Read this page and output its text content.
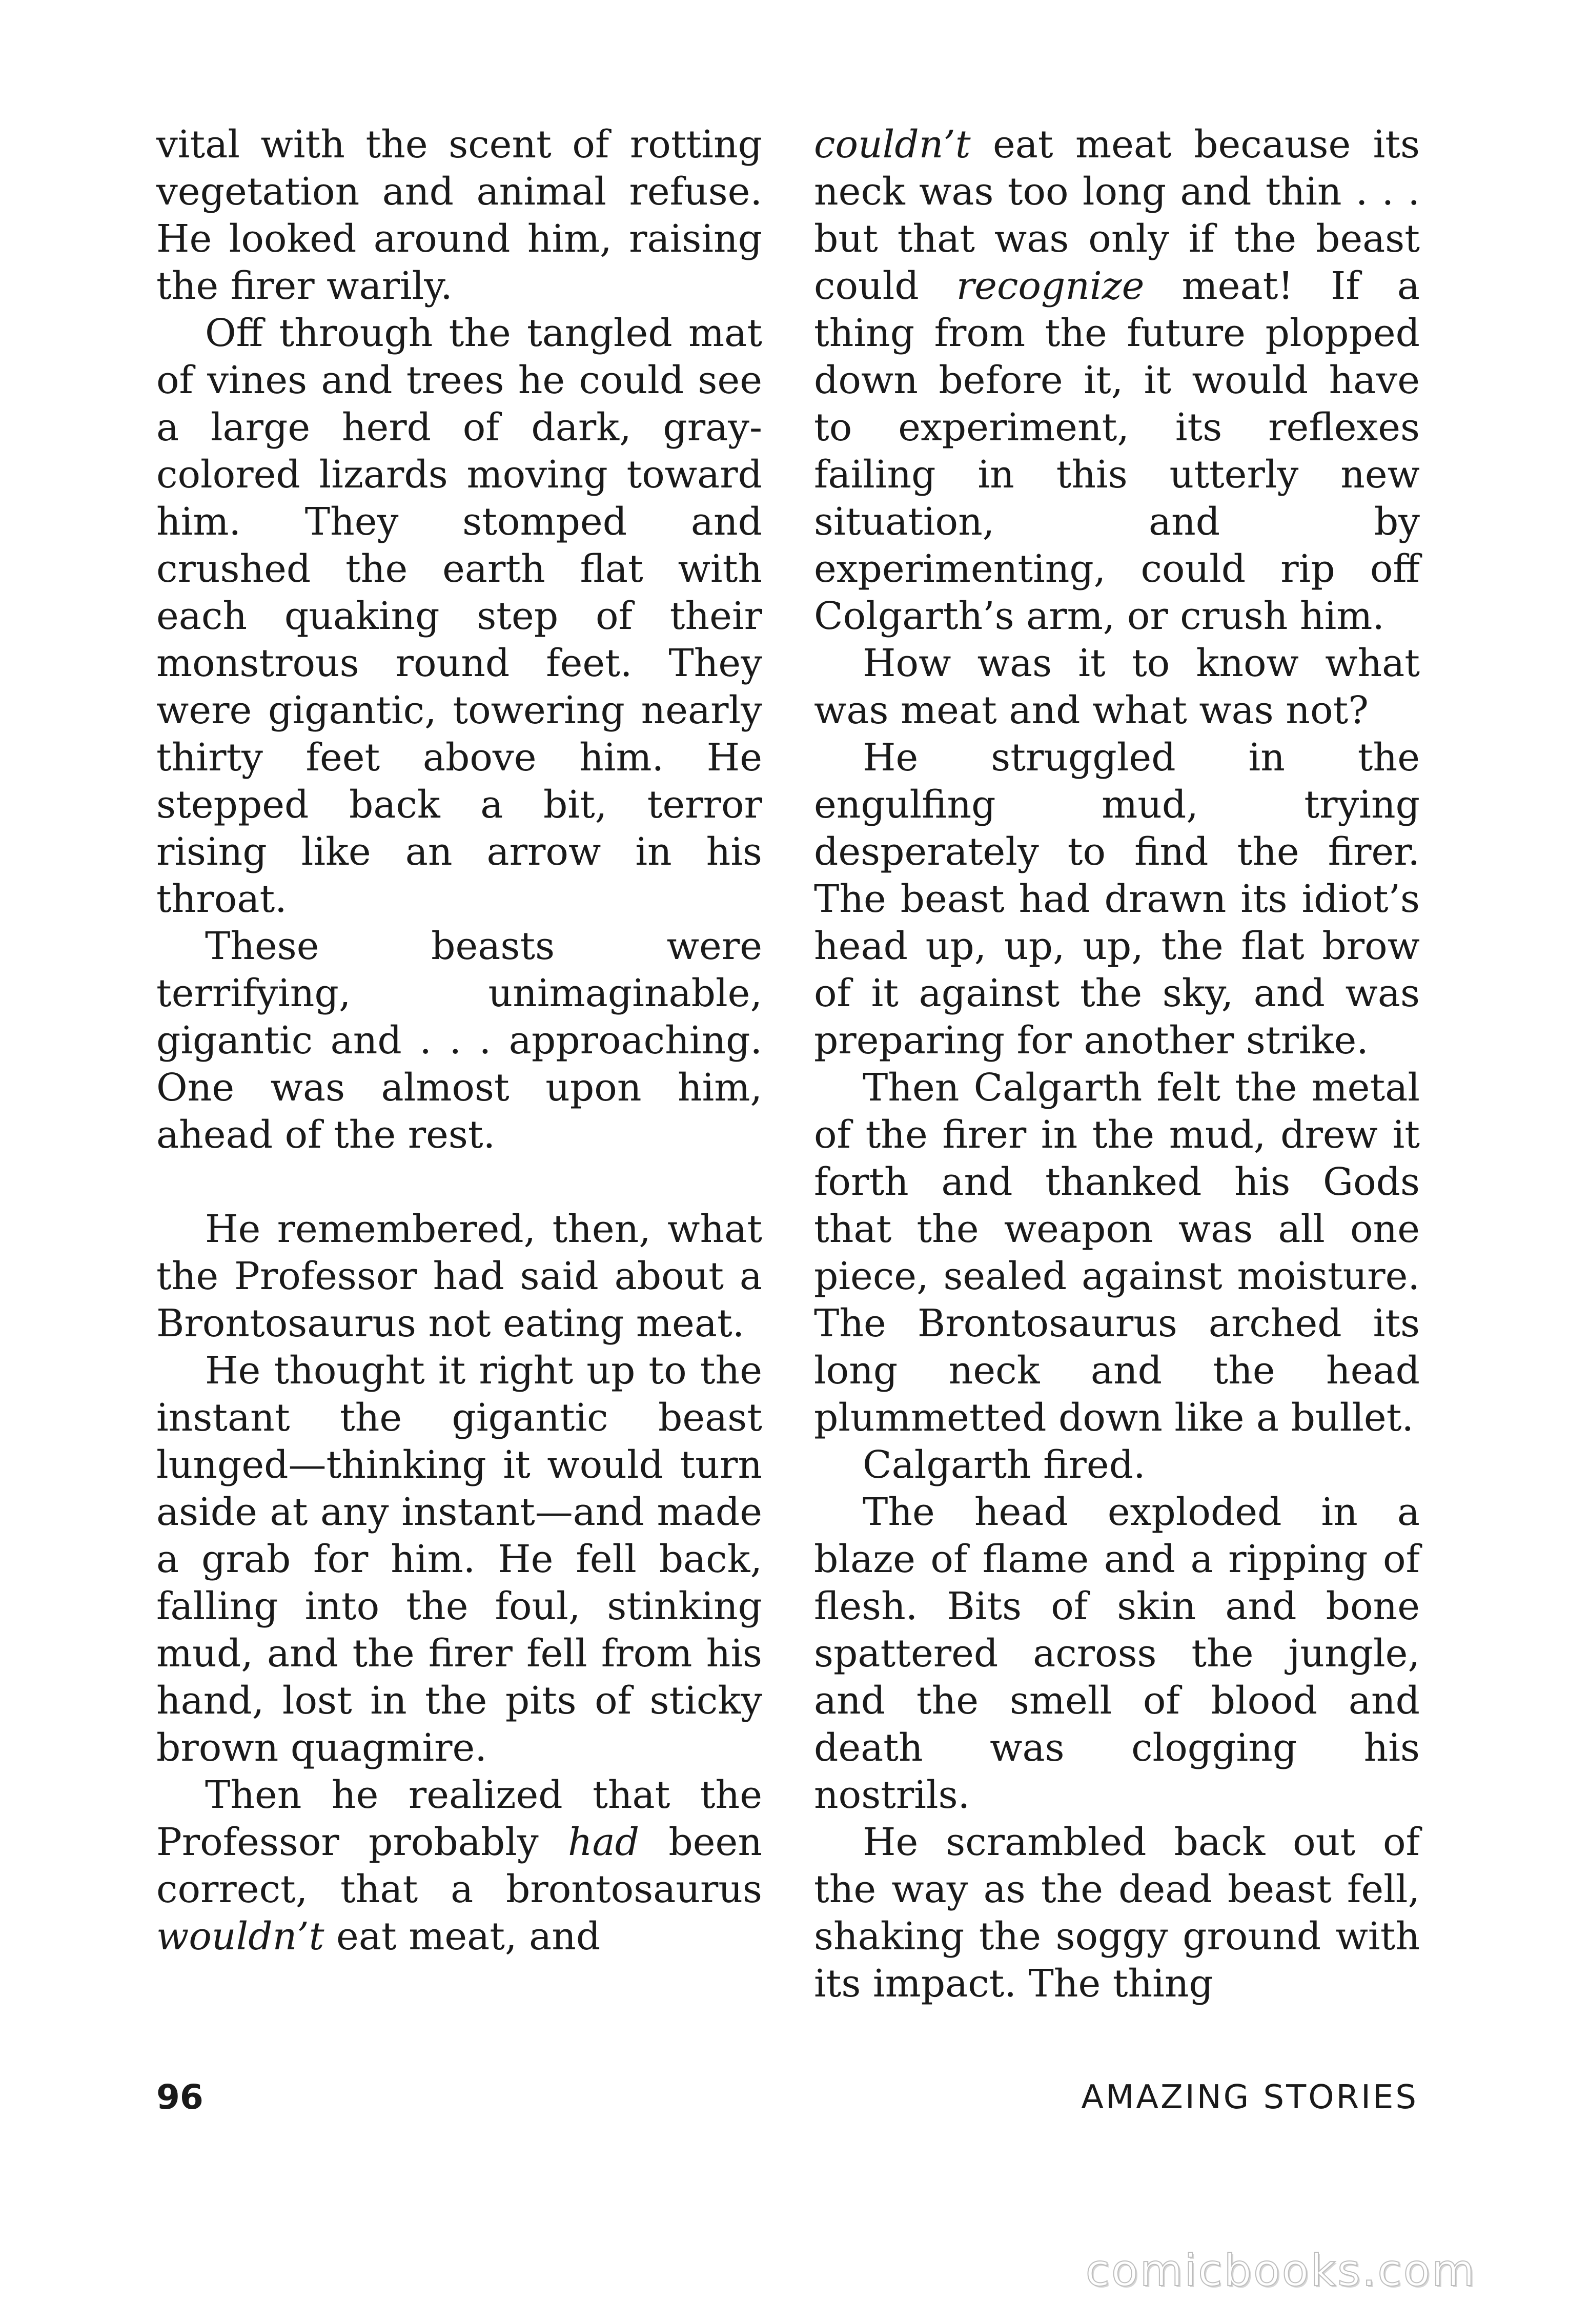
vital with the scent of rotting vegetation and animal refuse. He looked around him, raising the firer warily.

Off through the tangled mat of vines and trees he could see a large herd of dark, gray-colored lizards moving toward him. They stomped and crushed the earth flat with each quaking step of their monstrous round feet. They were gigantic, towering nearly thirty feet above him. He stepped back a bit, terror rising like an arrow in his throat.

These beasts were terrifying, unimaginable, gigantic and . . . approaching. One was almost upon him, ahead of the rest.

He remembered, then, what the Professor had said about a Brontosaurus not eating meat.

He thought it right up to the instant the gigantic beast lunged—thinking it would turn aside at any instant—and made a grab for him. He fell back, falling into the foul, stinking mud, and the firer fell from his hand, lost in the pits of sticky brown quagmire.

Then he realized that the Professor probably had been correct, that a brontosaurus wouldn’t eat meat, and

couldn’t eat meat because its neck was too long and thin . . . but that was only if the beast could recognize meat! If a thing from the future plopped down before it, it would have to experiment, its reflexes failing in this utterly new situation, and by experimenting, could rip off Colgarth’s arm, or crush him.

How was it to know what was meat and what was not?

He struggled in the engulfing mud, trying desperately to find the firer. The beast had drawn its idiot’s head up, up, up, the flat brow of it against the sky, and was preparing for another strike.

Then Calgarth felt the metal of the firer in the mud, drew it forth and thanked his Gods that the weapon was all one piece, sealed against moisture. The Brontosaurus arched its long neck and the head plummetted down like a bullet.

Calgarth fired.

The head exploded in a blaze of flame and a ripping of flesh. Bits of skin and bone spattered across the jungle, and the smell of blood and death was clogging his nostrils.

He scrambled back out of the way as the dead beast fell, shaking the soggy ground with its impact. The thing

96	AMAZING STORIES
comicbooks.com
